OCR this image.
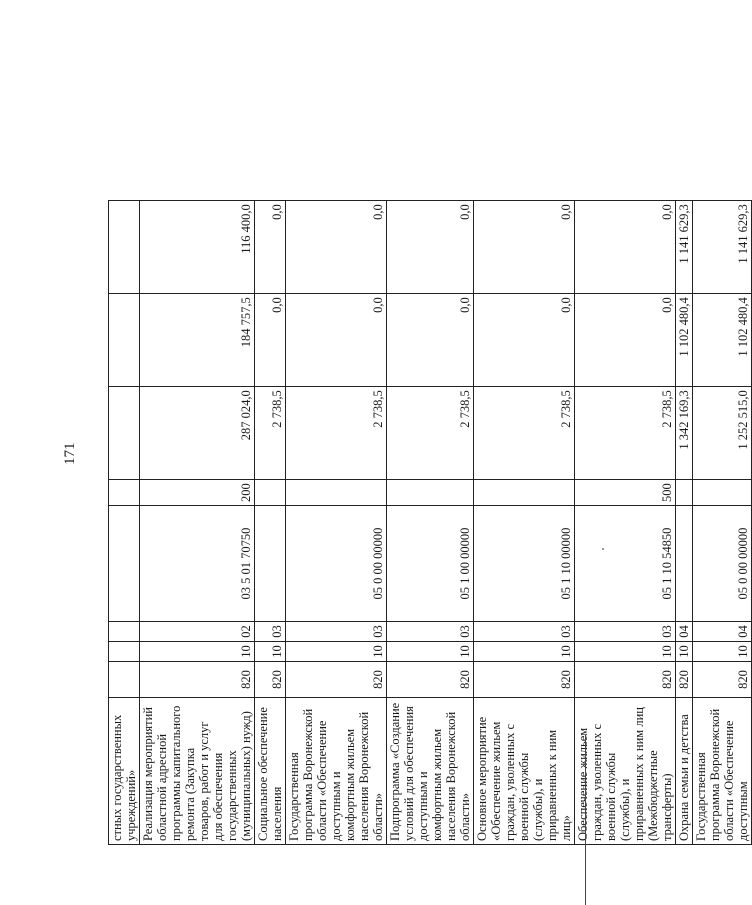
171
стных государственных учреждений»								
Реализация мероприятий областной адресной программы капитального ремонта (Закупка товаров, работ и услуг для обеспечения государственных (муниципальных) нужд)	820	10	02	03 5 01 70750	200	287 024,0	184 757,5	116 400,0
Социальное обеспечение населения	820	10	03			2 738,5	0,0	0,0
Государственная программа Воронежской области «Обеспечение доступным и комфортным жильем населения Воронежской области»	820	10	03	05 0 00 00000		2 738,5	0,0	0,0
Подпрограмма «Создание условий для обеспечения доступным и комфортным жильем населения Воронежской области»	820	10	03	05 1 00 00000		2 738,5	0,0	0,0
Основное мероприятие «Обеспечение жильем граждан, уволенных с военной службы (службы), и приравненных к ним лиц»	820	10	03	05 1 10 00000		2 738,5	0,0	0,0
Обеспечение жильем граждан, уволенных с военной службы (службы), и приравненных к ним лиц (Межбюджетные трансферты)	820	10	03	05 1 10 54850	500	2 738,5	0,0	0,0
Охрана семьи и детства	820	10	04			1 342 169,3	1 102 480,4	1 141 629,3
Государственная программа Воронежской области «Обеспечение доступным	820	10	04	05 0 00 00000		1 252 515,0	1 102 480,4	1 141 629,3
